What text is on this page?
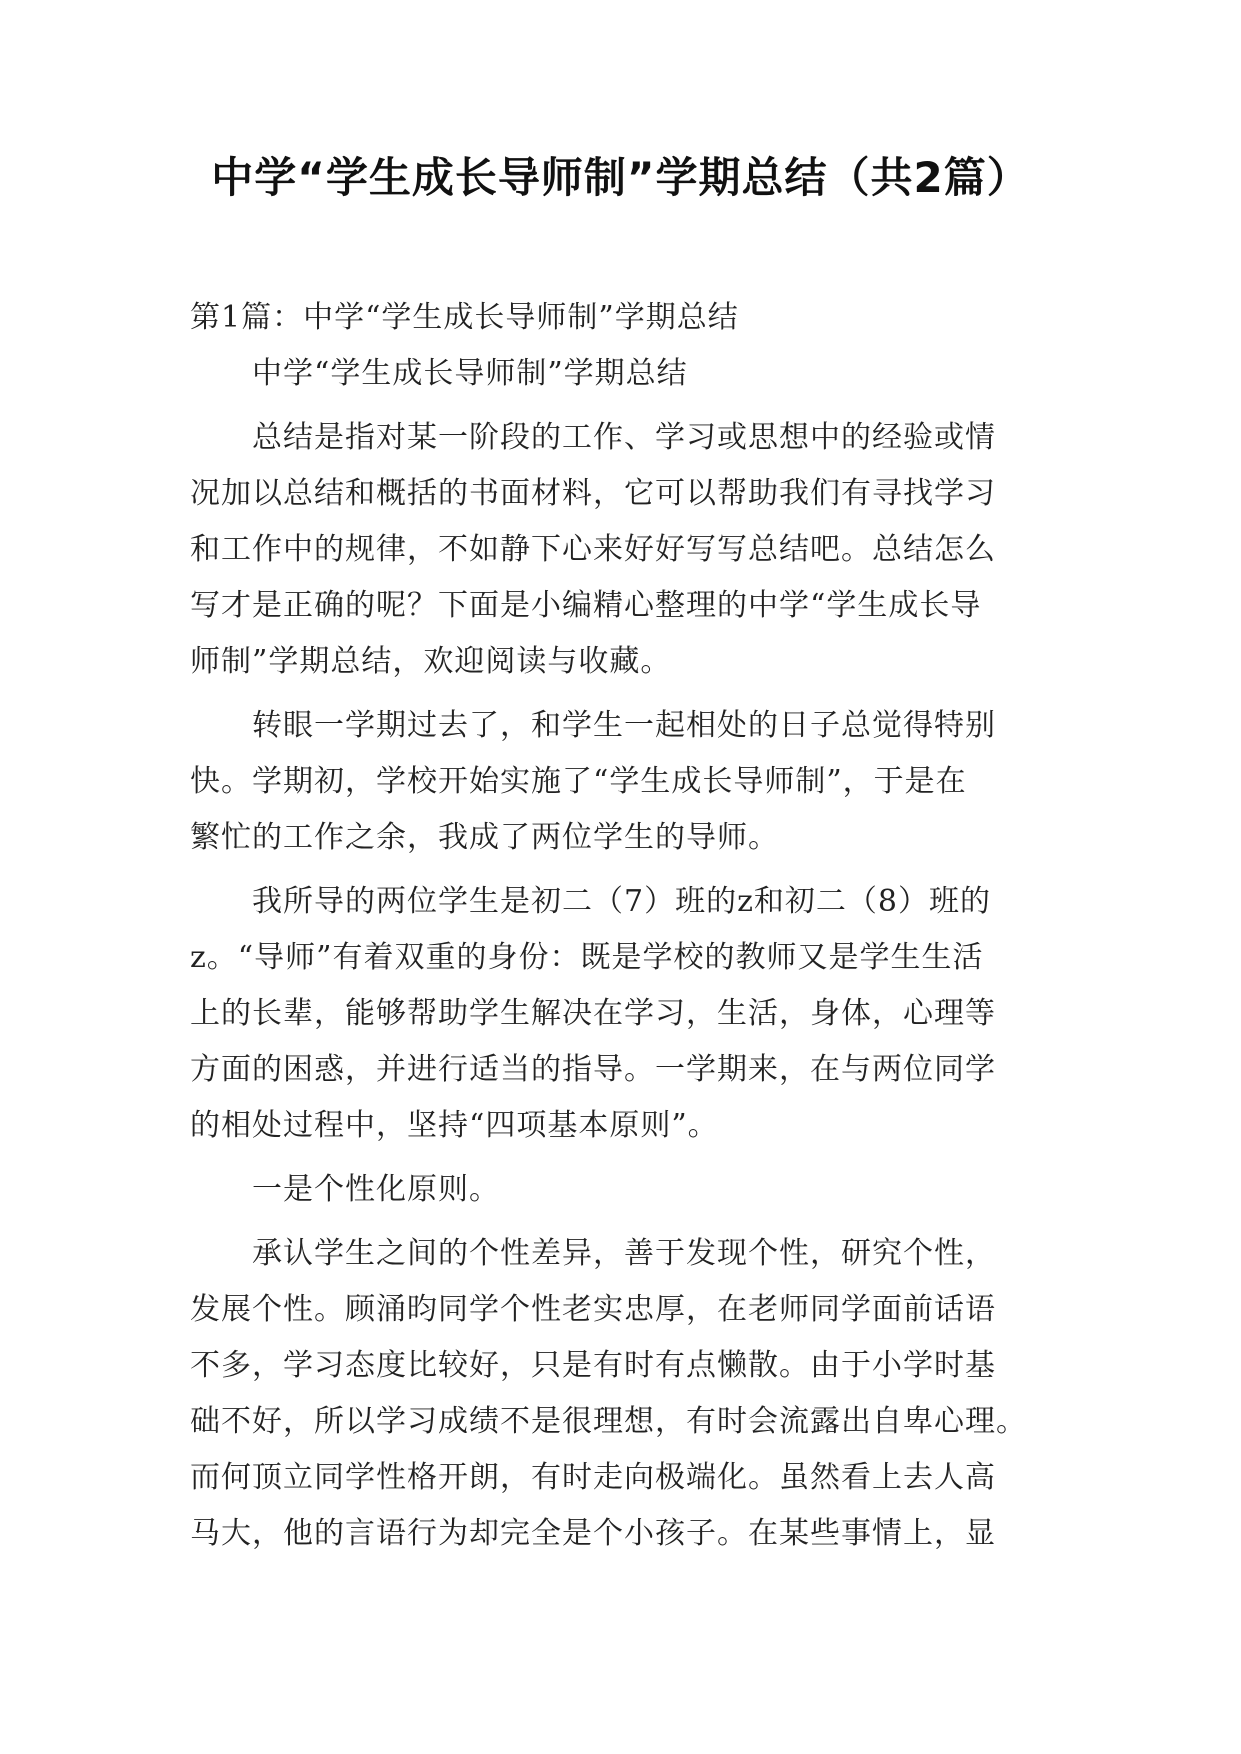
中学“学生成长导师制”学期总结（共2篇）
第1篇：中学“学生成长导师制”学期总结
中学“学生成长导师制”学期总结
总结是指对某一阶段的工作、学习或思想中的经验或情
况加以总结和概括的书面材料，它可以帮助我们有寻找学习
和工作中的规律，不如静下心来好好写写总结吧。总结怎么
写才是正确的呢？下面是小编精心整理的中学“学生成长导
师制”学期总结，欢迎阅读与收藏。
转眼一学期过去了，和学生一起相处的日子总觉得特别
快。学期初，学校开始实施了“学生成长导师制”，于是在
繁忙的工作之余，我成了两位学生的导师。
我所导的两位学生是初二（7）班的z和初二（8）班的
z。“导师”有着双重的身份：既是学校的教师又是学生生活
上的长辈，能够帮助学生解决在学习，生活，身体，心理等
方面的困惑，并进行适当的指导。一学期来，在与两位同学
的相处过程中，坚持“四项基本原则”。
一是个性化原则。
承认学生之间的个性差异，善于发现个性，研究个性，
发展个性。顾涌昀同学个性老实忠厚，在老师同学面前话语
不多，学习态度比较好，只是有时有点懒散。由于小学时基
础不好，所以学习成绩不是很理想，有时会流露出自卑心理。
而何顶立同学性格开朗，有时走向极端化。虽然看上去人高
马大，他的言语行为却完全是个小孩子。在某些事情上，显
